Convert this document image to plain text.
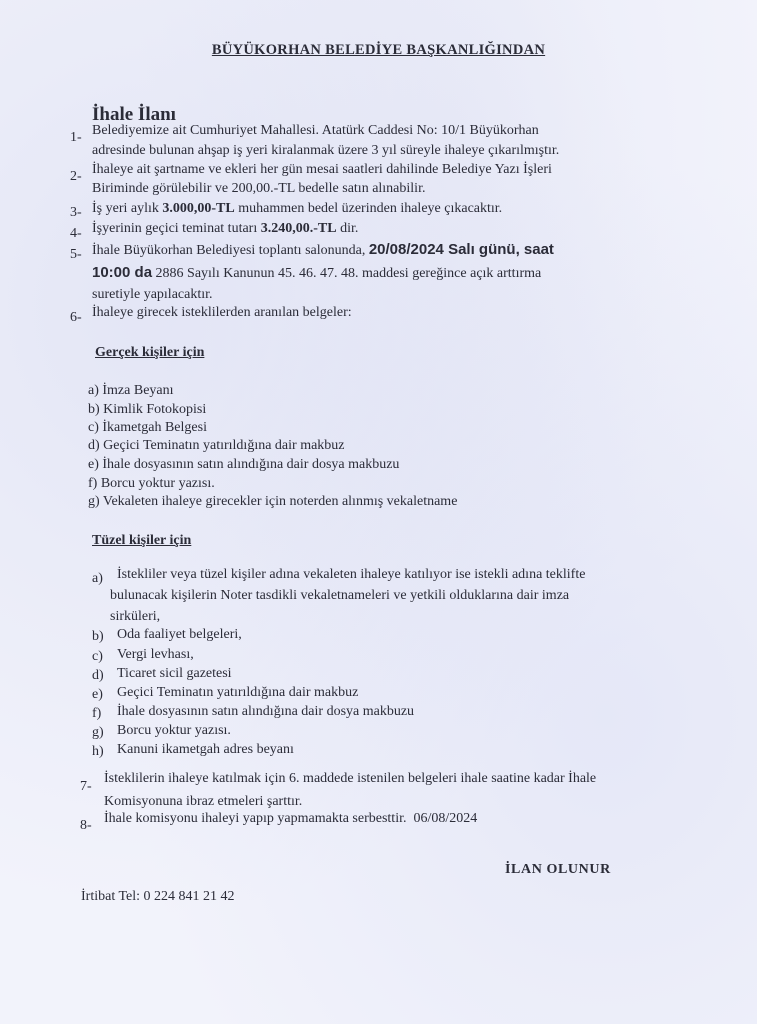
BÜYÜKORHAN BELEDİYE BAŞKANLIĞINDAN
İhale İlanı
1- Belediyemize ait Cumhuriyet Mahallesi. Atatürk Caddesi No: 10/1 Büyükorhan
adresinde bulunan ahşap iş yeri kiralanmak üzere 3 yıl süreyle ihaleye çıkarılmıştır.
2- İhaleye ait şartname ve ekleri her gün mesai saatleri dahilinde Belediye Yazı İşleri
Biriminde görülebilir ve 200,00.-TL bedelle satın alınabilir.
3- İş yeri aylık 3.000,00-TL muhammen bedel üzerinden ihaleye çıkacaktır.
4- İşyerinin geçici teminat tutarı 3.240,00.-TL dir.
5- İhale Büyükorhan Belediyesi toplantı salonunda, 20/08/2024 Salı günü, saat
10:00 da 2886 Sayılı Kanunun 45. 46. 47. 48. maddesi gereğince açık arttırma
suretiyle yapılacaktır.
6- İhaleye girecek isteklilerden aranılan belgeler:
Gerçek kişiler için
a) İmza Beyanı
b) Kimlik Fotokopisi
c) İkametgah Belgesi
d) Geçici Teminatın yatırıldığına dair makbuz
e) İhale dosyasının satın alındığına dair dosya makbuzu
f) Borcu yoktur yazısı.
g) Vekaleten ihaleye girecekler için noterden alınmış vekaletname
Tüzel kişiler için
a) İstekliler veya tüzel kişiler adına vekaleten ihaleye katılıyor ise istekli adına teklifte
bulunacak kişilerin Noter tasdikli vekaletnameleri ve yetkili olduklarına dair imza
sirküleri,
b) Oda faaliyet belgeleri,
c) Vergi levhası,
d) Ticaret sicil gazetesi
e) Geçici Teminatın yatırıldığına dair makbuz
f) İhale dosyasının satın alındığına dair dosya makbuzu
g) Borcu yoktur yazısı.
h) Kanuni ikametgah adres beyanı
7-
İsteklilerin ihaleye katılmak için 6. maddede istenilen belgeleri ihale saatine kadar İhale
Komisyonuna ibraz etmeleri şarttır.
8- İhale komisyonu ihaleyi yapıp yapmamakta serbesttir. 06/08/2024
İLAN OLUNUR
İrtibat Tel: 0 224 841 21 42
